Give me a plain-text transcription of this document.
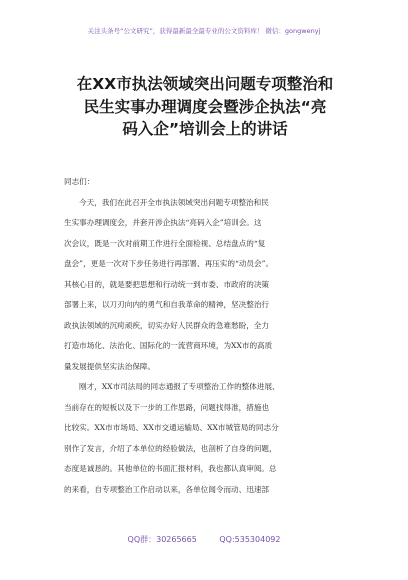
关注头条号“公文研究”，获得最新最全最专业的公文资料库！ 微信：gongwenyj
在XX市执法领域突出问题专项整治和
民生实事办理调度会暨涉企执法“亮
码入企”培训会上的讲话

同志们：

今天，我们在此召开全市执法领域突出问题专项整治和民
生实事办理调度会，并套开涉企执法“亮码入企”培训会。这
次会议，既是一次对前期工作进行全面检视、总结盘点的“复
盘会”，更是一次对下步任务进行再部署、再压实的“动员会”。
其核心目的，就是要把思想和行动统一到市委、市政府的决策
部署上来，以刀刃向内的勇气和自我革命的精神，坚决整治行
政执法领域的沉疴顽疾，切实办好人民群众的急难愁盼，全力
打造市场化、法治化、国际化的一流营商环境，为XX市的高质
量发展提供坚实法治保障。

刚才，XX市司法局的同志通报了专项整治工作的整体进展、
当前存在的短板以及下一步的工作思路，问题找得准，措施也
比较实。XX市市场局、XX市交通运输局、XX市城管局的同志分
别作了发言，介绍了本单位的经验做法，也剖析了自身的问题，
态度是诚恳的。其他单位的书面汇报材料，我也都认真审阅。总
的来看，自专项整治工作启动以来，各单位闻令而动、迅速部

QQ群：30265665	QQ:535304092
